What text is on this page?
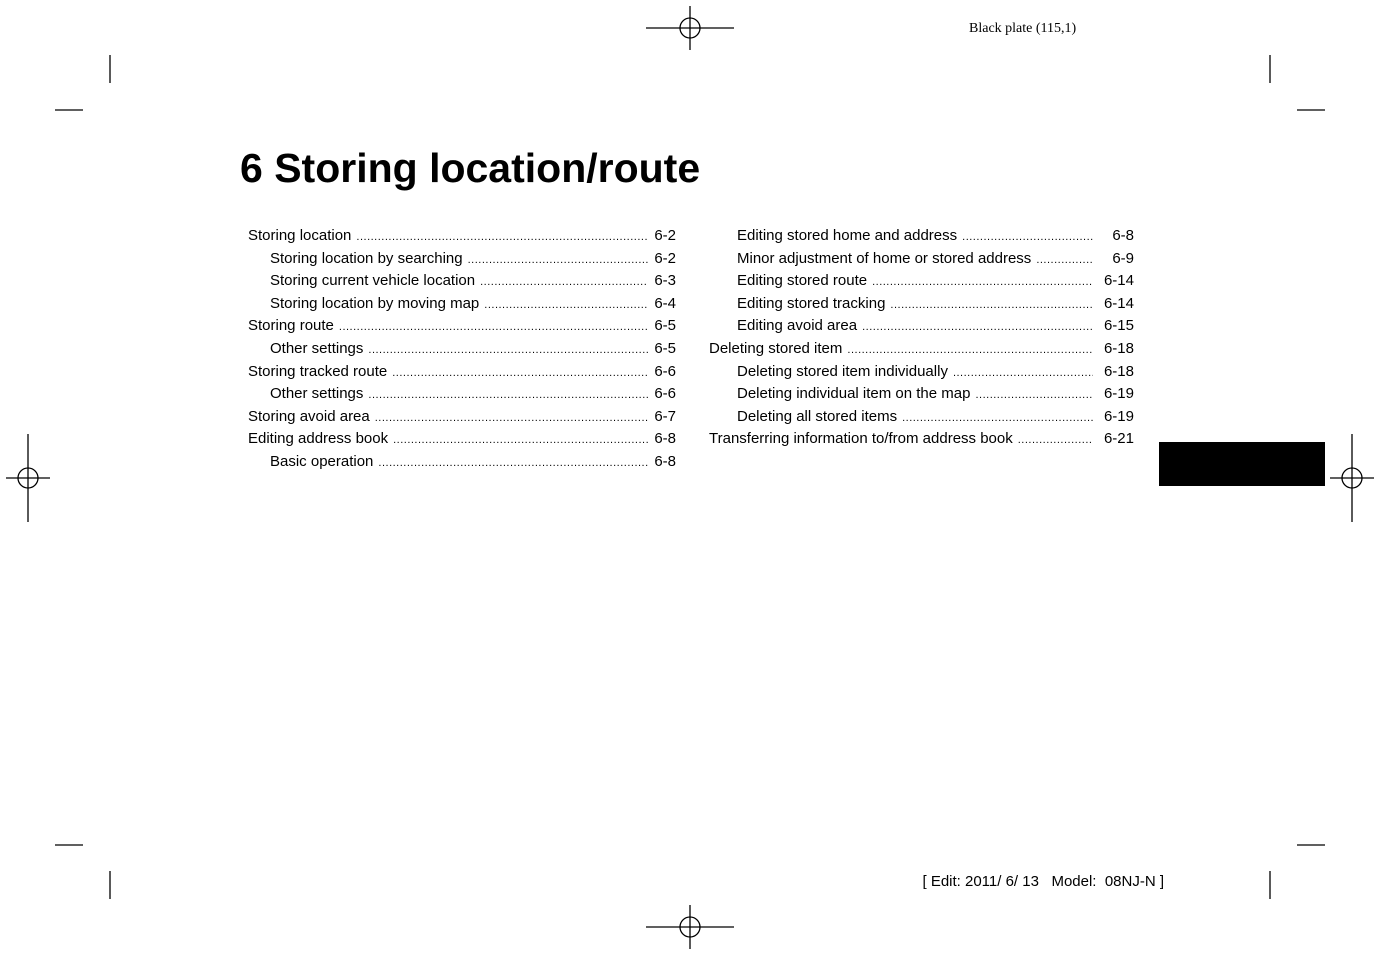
Black plate (115,1)
6 Storing location/route
Storing location .....	6-2
Storing location by searching .....	6-2
Storing current vehicle location .....	6-3
Storing location by moving map .....	6-4
Storing route .....	6-5
Other settings .....	6-5
Storing tracked route .....	6-6
Other settings .....	6-6
Storing avoid area .....	6-7
Editing address book .....	6-8
Basic operation .....	6-8
Editing stored home and address .....	6-8
Minor adjustment of home or stored address .....	6-9
Editing stored route .....	6-14
Editing stored tracking .....	6-14
Editing avoid area .....	6-15
Deleting stored item .....	6-18
Deleting stored item individually .....	6-18
Deleting individual item on the map .....	6-19
Deleting all stored items .....	6-19
Transferring information to/from address book .....	6-21
[ Edit: 2011/ 6/ 13   Model:  08NJ-N ]
